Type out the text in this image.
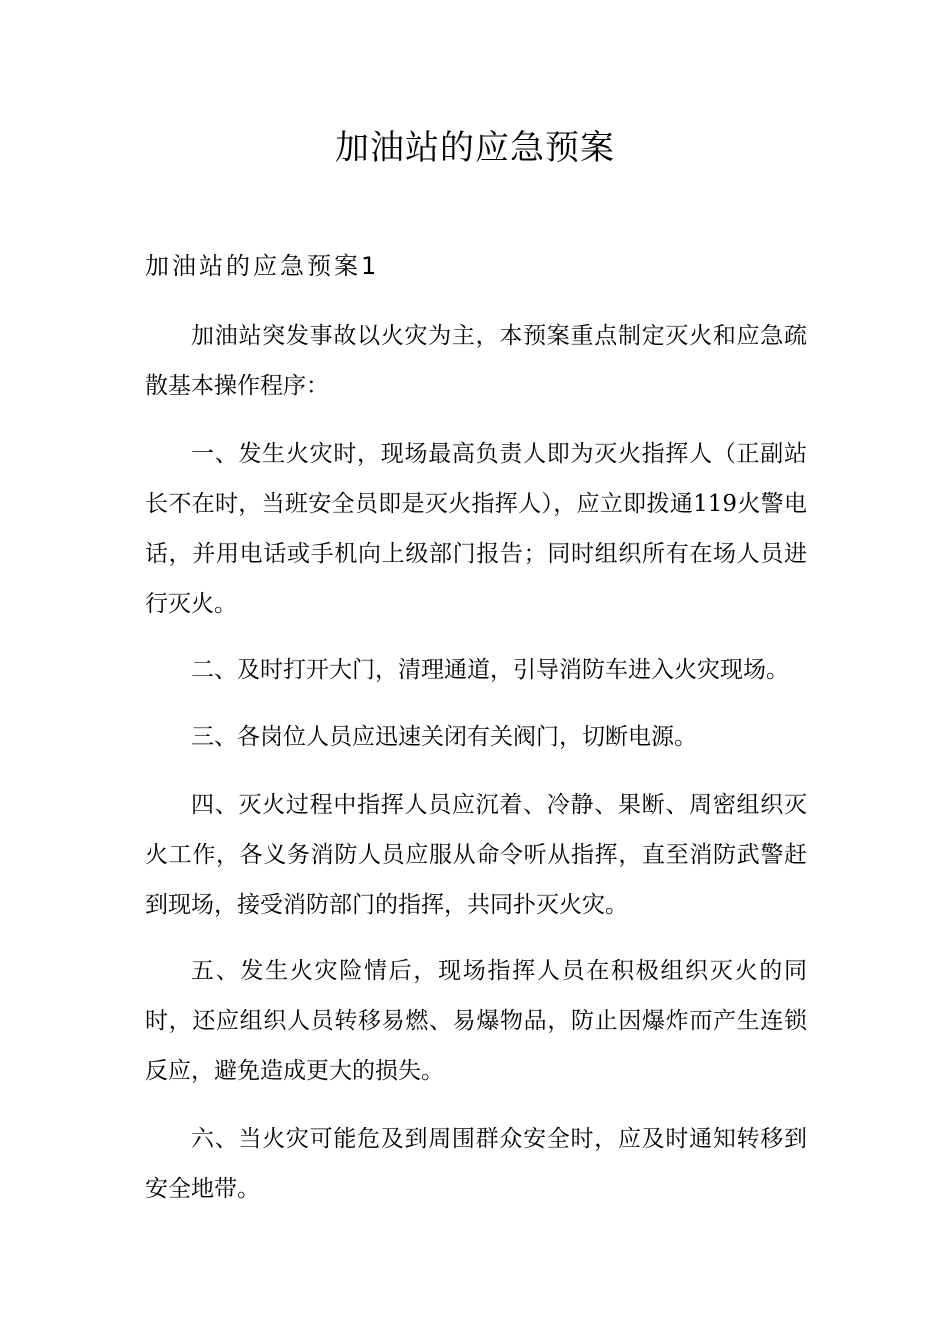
加油站的应急预案
加油站的应急预案1

加油站突发事故以火灾为主，本预案重点制定灭火和应急疏散基本操作程序：

一、发生火灾时，现场最高负责人即为灭火指挥人（正副站长不在时，当班安全员即是灭火指挥人），应立即拨通119火警电话，并用电话或手机向上级部门报告；同时组织所有在场人员进行灭火。

二、及时打开大门，清理通道，引导消防车进入火灾现场。

三、各岗位人员应迅速关闭有关阀门，切断电源。

四、灭火过程中指挥人员应沉着、冷静、果断、周密组织灭火工作，各义务消防人员应服从命令听从指挥，直至消防武警赶到现场，接受消防部门的指挥，共同扑灭火灾。

五、发生火灾险情后，现场指挥人员在积极组织灭火的同时，还应组织人员转移易燃、易爆物品，防止因爆炸而产生连锁反应，避免造成更大的损失。

六、当火灾可能危及到周围群众安全时，应及时通知转移到安全地带。
